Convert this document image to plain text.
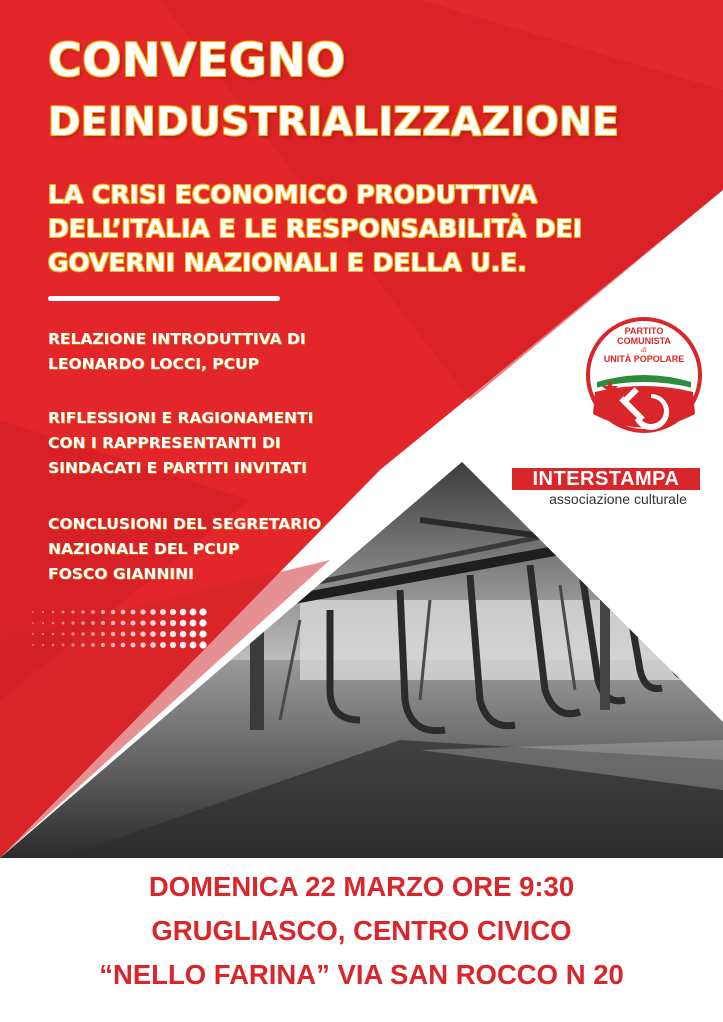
CONVEGNO
DEINDUSTRIALIZZAZIONE
LA CRISI ECONOMICO PRODUTTIVA
DELL’ITALIA E LE RESPONSABILITÀ DEI
GOVERNI NAZIONALI E DELLA U.E.

RELAZIONE INTRODUTTIVA DI

LEONARDO LOCCI, PCUP

RIFLESSIONI E RAGIONAMENTI

CON I RAPPRESENTANTI DI

SINDACATI E PARTITI INVITATI

CONCLUSIONI DEL SEGRETARIO

NAZIONALE DEL PCUP

FOSCO GIANNINI

PARTITO
COMUNISTA
di
UNITÀ POPOLARE
INTERSTAMPA
associazione culturale

DOMENICA 22 MARZO ORE 9:30

GRUGLIASCO, CENTRO CIVICO

“NELLO FARINA” VIA SAN ROCCO N 20
